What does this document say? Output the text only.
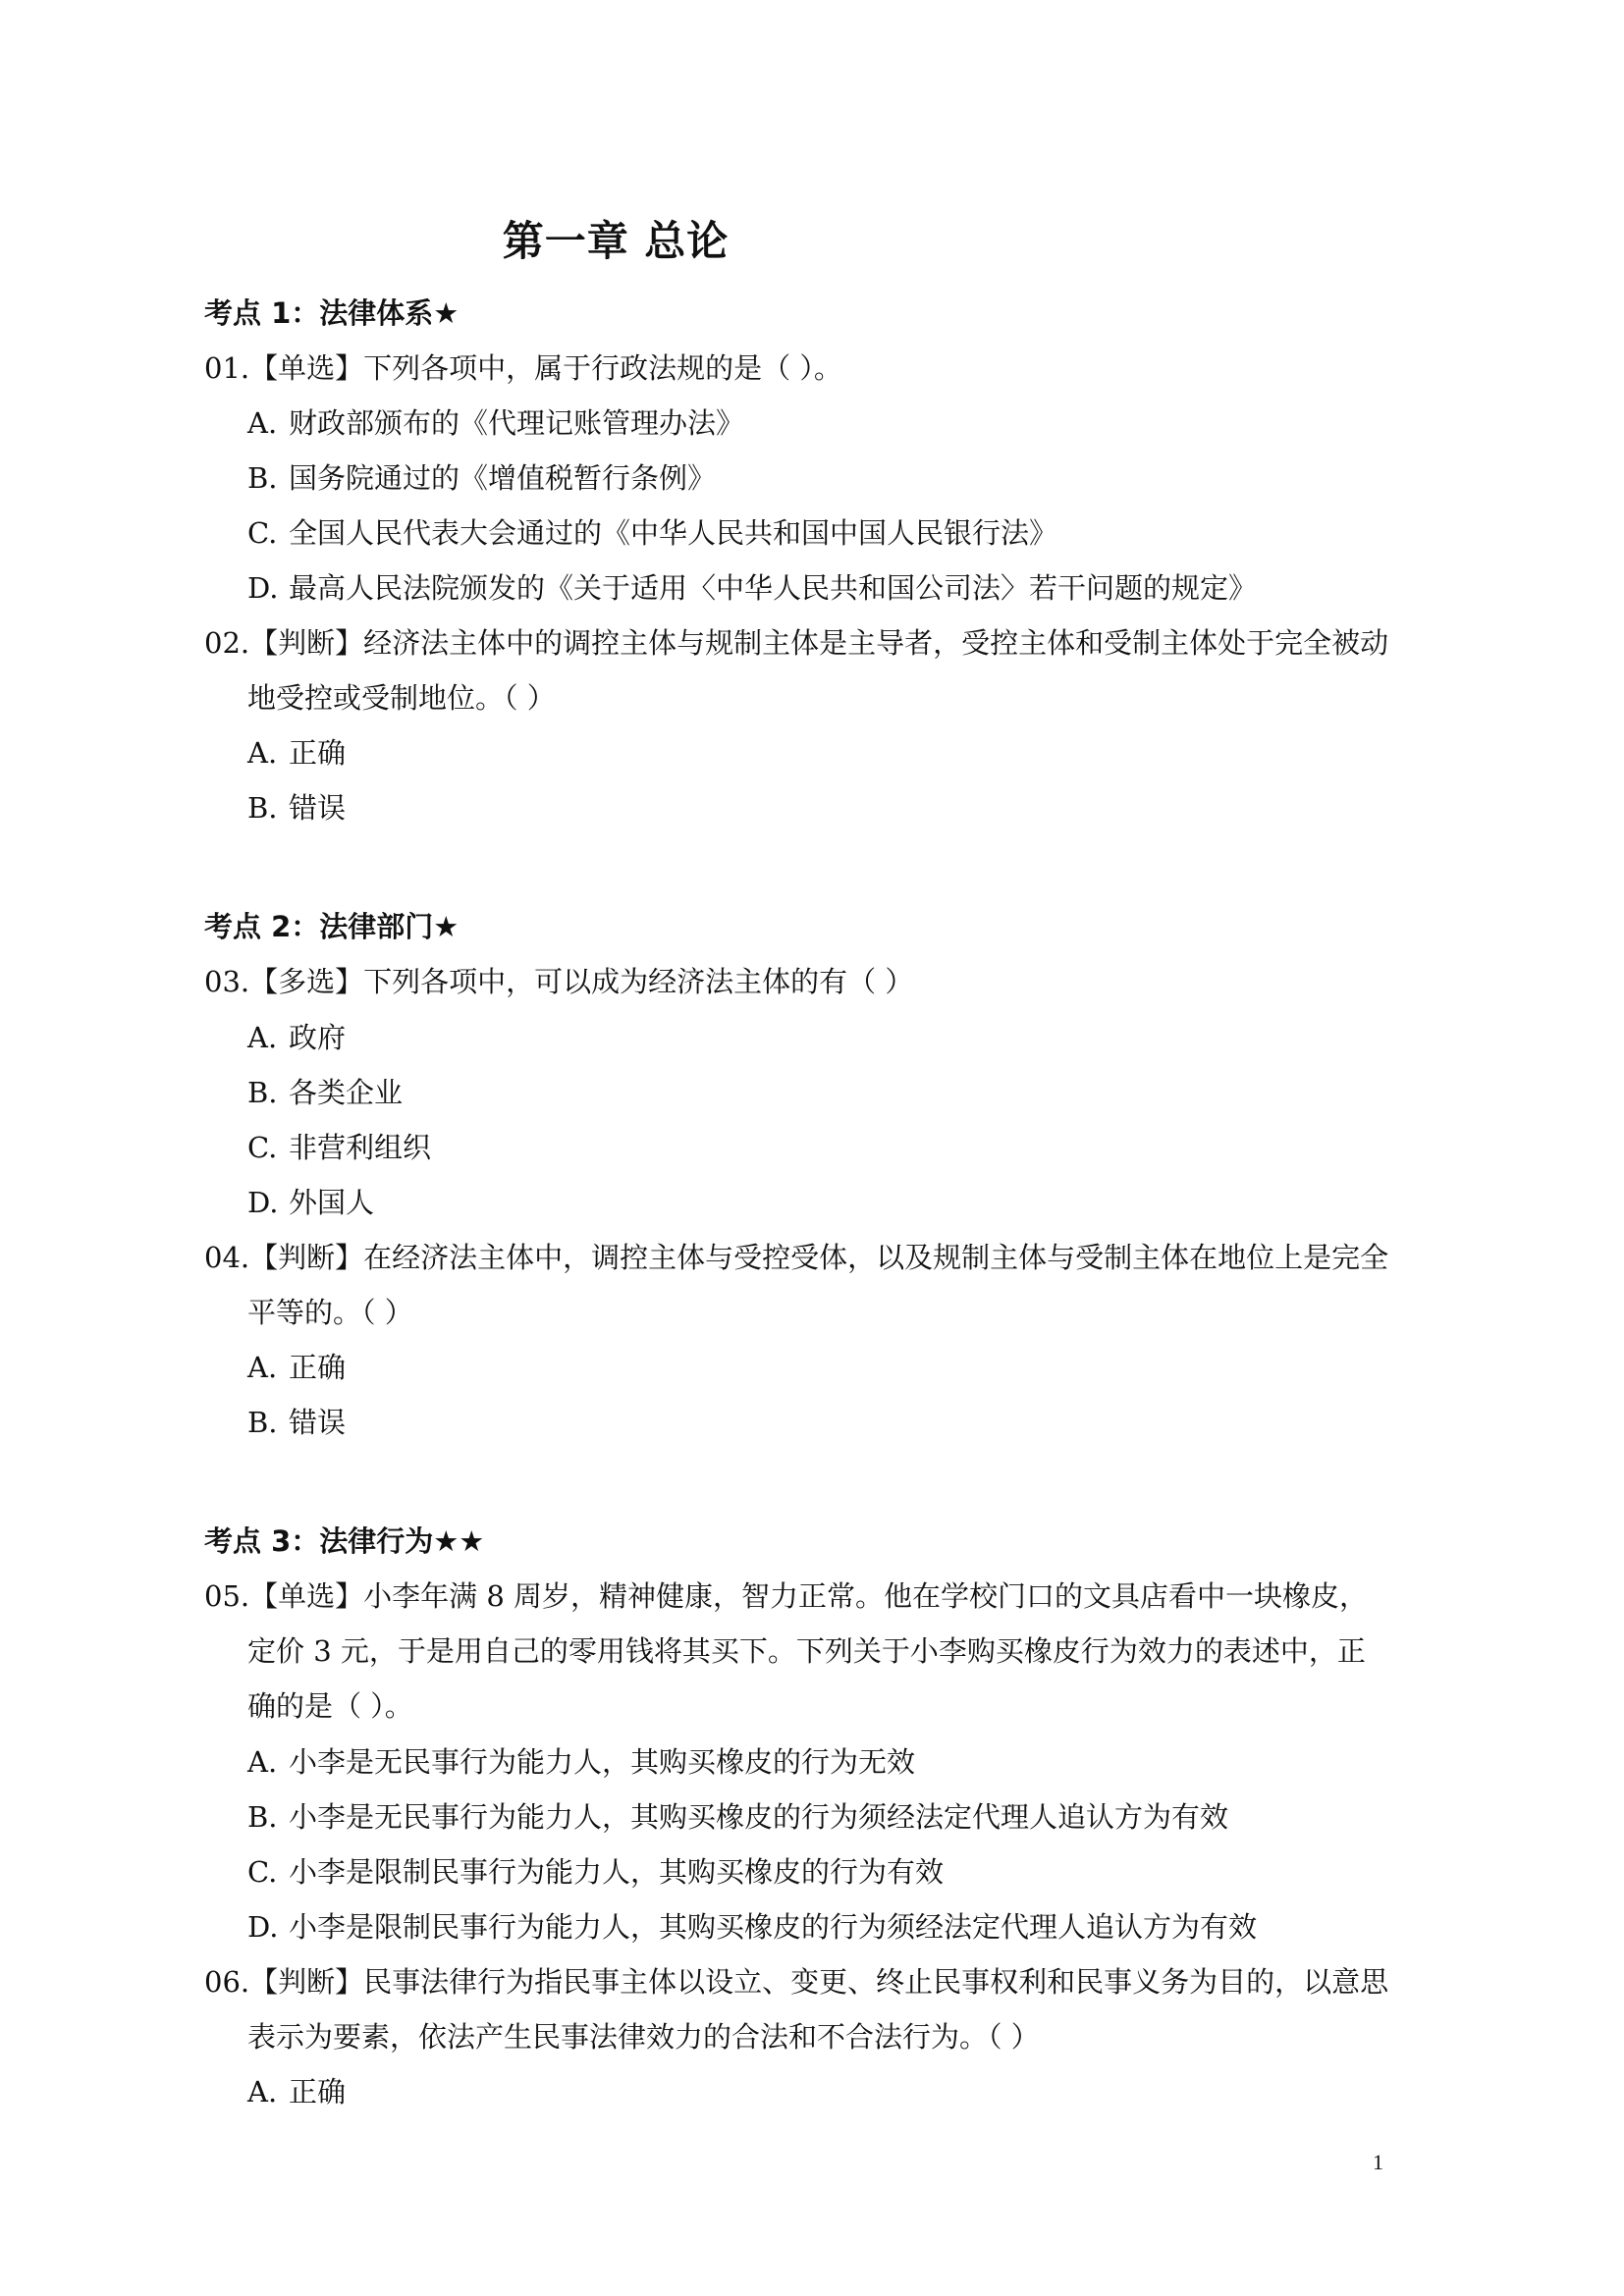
第一章 总论
考点 1：法律体系★
01.【单选】下列各项中，属于行政法规的是（ ）。
A. 财政部颁布的《代理记账管理办法》
B. 国务院通过的《增值税暂行条例》
C. 全国人民代表大会通过的《中华人民共和国中国人民银行法》
D. 最高人民法院颁发的《关于适用〈中华人民共和国公司法〉若干问题的规定》
02.【判断】经济法主体中的调控主体与规制主体是主导者，受控主体和受制主体处于完全被动
地受控或受制地位。（ ）
A. 正确
B. 错误
考点 2：法律部门★
03.【多选】下列各项中，可以成为经济法主体的有（ ）
A. 政府
B. 各类企业
C. 非营利组织
D. 外国人
04.【判断】在经济法主体中，调控主体与受控受体，以及规制主体与受制主体在地位上是完全
平等的。（ ）
A. 正确
B. 错误
考点 3：法律行为★★
05.【单选】小李年满 8 周岁，精神健康，智力正常。他在学校门口的文具店看中一块橡皮，
定价 3 元，于是用自己的零用钱将其买下。下列关于小李购买橡皮行为效力的表述中，正
确的是（ ）。
A. 小李是无民事行为能力人，其购买橡皮的行为无效
B. 小李是无民事行为能力人，其购买橡皮的行为须经法定代理人追认方为有效
C. 小李是限制民事行为能力人，其购买橡皮的行为有效
D. 小李是限制民事行为能力人，其购买橡皮的行为须经法定代理人追认方为有效
06.【判断】民事法律行为指民事主体以设立、变更、终止民事权利和民事义务为目的，以意思
表示为要素，依法产生民事法律效力的合法和不合法行为。（ ）
A. 正确
1
